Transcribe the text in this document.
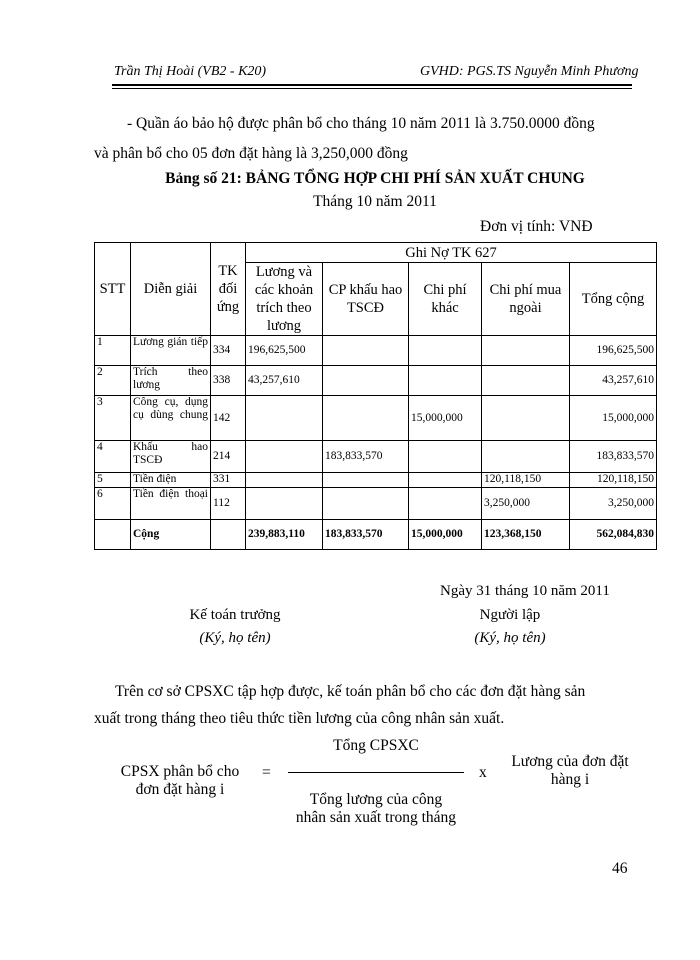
Trần Thị Hoài (VB2 - K20)	GVHD: PGS.TS Nguyễn Minh Phương
- Quần áo bảo hộ được phân bổ cho tháng 10 năm 2011 là 3.750.0000 đồng
và phân bổ cho 05 đơn đặt hàng là 3,250,000 đồng
Bảng số 21: BẢNG TỔNG HỢP CHI PHÍ SẢN XUẤT CHUNG
Tháng 10 năm 2011
Đơn vị tính: VNĐ
STT	Diễn giải	TK đối ứng	Ghi Nợ TK 627				
			Lương và các khoản trích theo lương	CP khấu hao TSCĐ	Chi phí khác	Chi phí mua ngoài	Tổng cộng
1	Lương gián tiếp	334	196,625,500				196,625,500
2	Trích theo lương	338	43,257,610				43,257,610
3	Công cụ, dụng cụ dùng chung	142			15,000,000		15,000,000
4	Khấu hao TSCĐ	214		183,833,570			183,833,570
5	Tiền điện	331				120,118,150	120,118,150
6	Tiền điện thoại	112				3,250,000	3,250,000
	Cộng		239,883,110	183,833,570	15,000,000	123,368,150	562,084,830
Ngày 31 tháng 10 năm 2011
Kế toán trưởng
(Ký, họ tên)
Người lập
(Ký, họ tên)
Trên cơ sở CPSXC tập hợp được, kế toán phân bổ cho các đơn đặt hàng sản
xuất trong tháng theo tiêu thức tiền lương của công nhân sản xuất.
CPSX phân bổ cho
đơn đặt hàng i
=
Tổng CPSXC
Tổng lương của công
nhân sản xuất trong tháng
x
Lương của đơn đặt
hàng i
46
